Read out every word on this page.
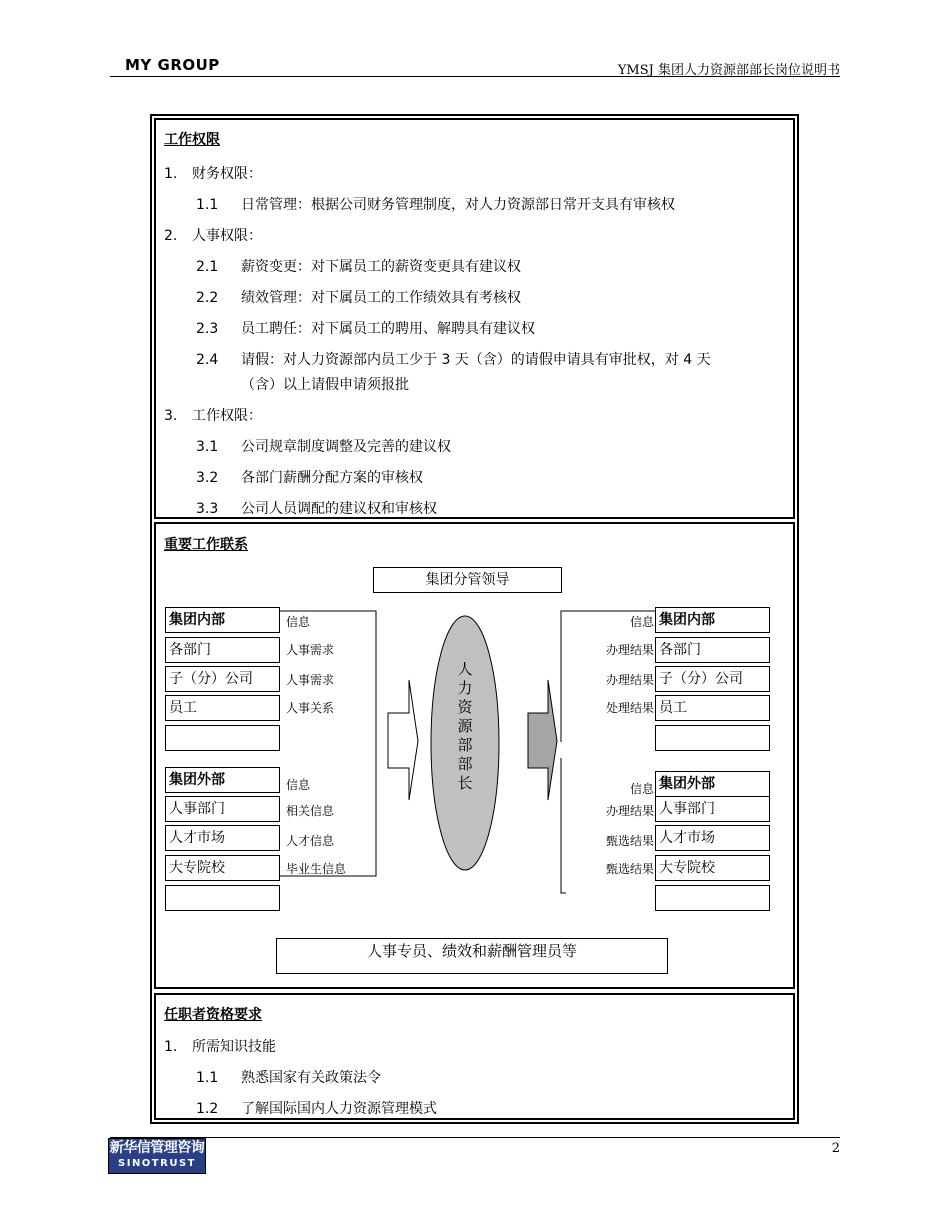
MY GROUP	YMSJ 集团人力资源部部长岗位说明书
工作权限
1. 财务权限：
1.1 日常管理：根据公司财务管理制度，对人力资源部日常开支具有审核权
2. 人事权限：
2.1 薪资变更：对下属员工的薪资变更具有建议权
2.2 绩效管理：对下属员工的工作绩效具有考核权
2.3 员工聘任：对下属员工的聘用、解聘具有建议权
2.4 请假：对人力资源部内员工少于 3 天（含）的请假申请具有审批权，对 4 天
（含）以上请假申请须报批
3. 工作权限：
3.1 公司规章制度调整及完善的建议权
3.2 各部门薪酬分配方案的审核权
3.3 公司人员调配的建议权和审核权
重要工作联系
集团分管领导
集团内部	信息
各部门	人事需求
子（分）公司	人事需求
员工	人事关系
集团外部	信息
人事部门	相关信息
人才市场	人才信息
大专院校	毕业生信息
信息 集团内部
办理结果 各部门
办理结果 子（分）公司
处理结果 员工
信息 集团外部
办理结果 人事部门
甄选结果 人才市场
甄选结果 大专院校
人力资源部部长
人事专员、绩效和薪酬管理员等
任职者资格要求
1. 所需知识技能
1.1 熟悉国家有关政策法令
1.2 了解国际国内人力资源管理模式
新华信管理咨询
SINOTRUST
2
